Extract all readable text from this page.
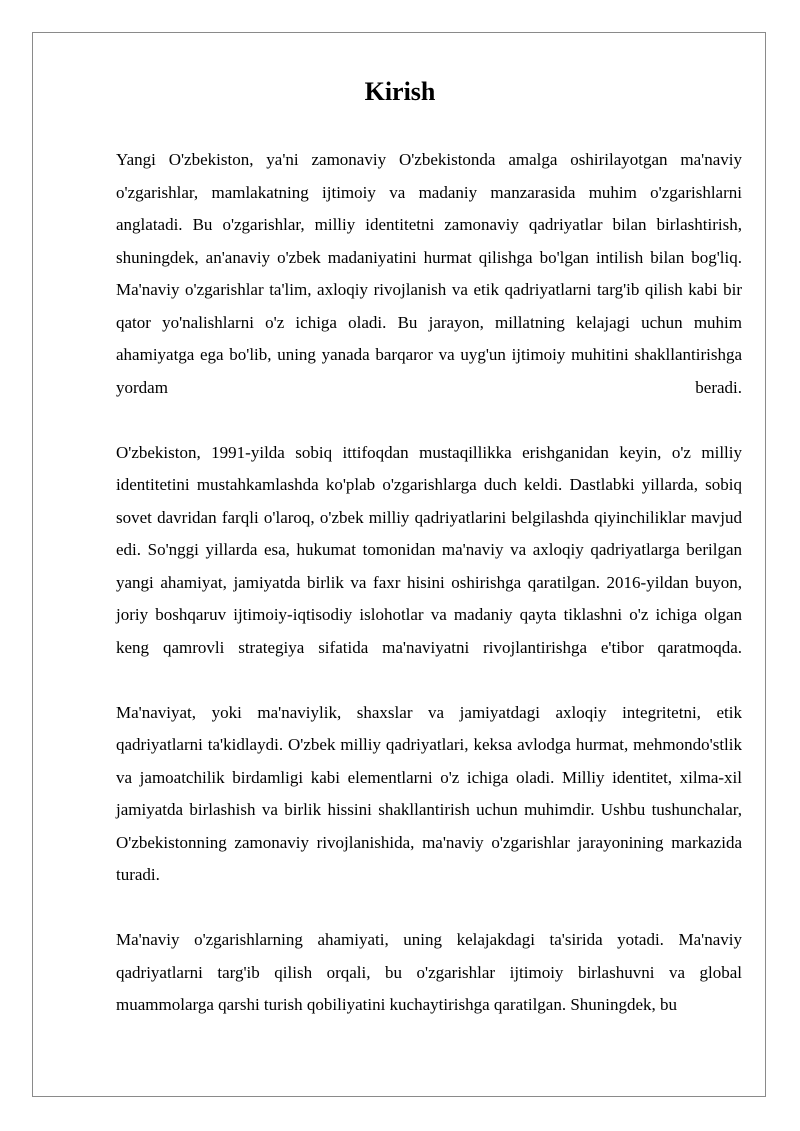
Kirish

Yangi O'zbekiston, ya'ni zamonaviy O'zbekistonda amalga oshirilayotgan ma'naviy o'zgarishlar, mamlakatning ijtimoiy va madaniy manzarasida muhim o'zgarishlarni anglatadi. Bu o'zgarishlar, milliy identitetni zamonaviy qadriyatlar bilan birlashtirish, shuningdek, an'anaviy o'zbek madaniyatini hurmat qilishga bo'lgan intilish bilan bog'liq. Ma'naviy o'zgarishlar ta'lim, axloqiy rivojlanish va etik qadriyatlarni targ'ib qilish kabi bir qator yo'nalishlarni o'z ichiga oladi. Bu jarayon, millatning kelajagi uchun muhim ahamiyatga ega bo'lib, uning yanada barqaror va uyg'un ijtimoiy muhitini shakllantirishga yordam beradi.

O'zbekiston, 1991-yilda sobiq ittifoqdan mustaqillikka erishganidan keyin, o'z milliy identitetini mustahkamlashda ko'plab o'zgarishlarga duch keldi. Dastlabki yillarda, sobiq sovet davridan farqli o'laroq, o'zbek milliy qadriyatlarini belgilashda qiyinchiliklar mavjud edi. So'nggi yillarda esa, hukumat tomonidan ma'naviy va axloqiy qadriyatlarga berilgan yangi ahamiyat, jamiyatda birlik va faxr hisini oshirishga qaratilgan. 2016-yildan buyon, joriy boshqaruv ijtimoiy-iqtisodiy islohotlar va madaniy qayta tiklashni o'z ichiga olgan keng qamrovli strategiya sifatida ma'naviyatni rivojlantirishga e'tibor qaratmoqda.

Ma'naviyat, yoki ma'naviylik, shaxslar va jamiyatdagi axloqiy integritetni, etik qadriyatlarni ta'kidlaydi. O'zbek milliy qadriyatlari, keksa avlodga hurmat, mehmondo'stlik va jamoatchilik birdamligi kabi elementlarni o'z ichiga oladi. Milliy identitet, xilma-xil jamiyatda birlashish va birlik hissini shakllantirish uchun muhimdir. Ushbu tushunchalar, O'zbekistonning zamonaviy rivojlanishida, ma'naviy o'zgarishlar jarayonining markazida turadi.

Ma'naviy o'zgarishlarning ahamiyati, uning kelajakdagi ta'sirida yotadi. Ma'naviy qadriyatlarni targ'ib qilish orqali, bu o'zgarishlar ijtimoiy birlashuvni va global muammolarga qarshi turish qobiliyatini kuchaytirishga qaratilgan. Shuningdek, bu
